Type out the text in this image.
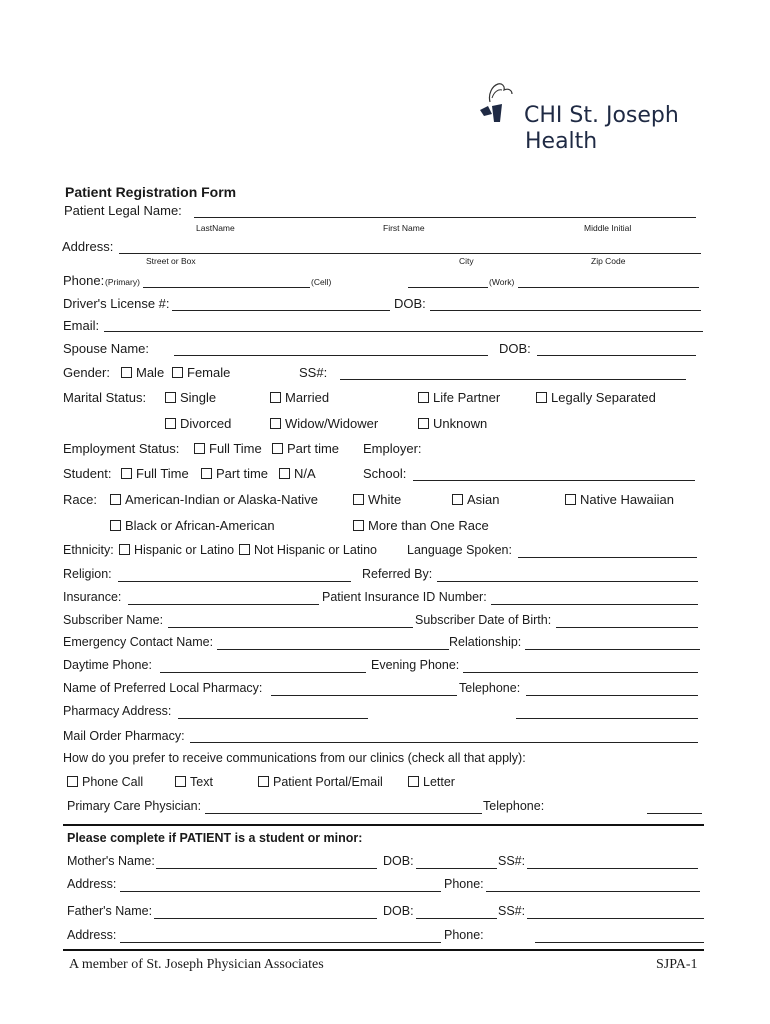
CHI St. Joseph
Health
Patient Registration Form
Patient Legal Name:
LastName	First Name	Middle Initial
Address:
Street or Box	City	Zip Code
Phone: (Primary)	(Cell)	(Work)
Driver's License #:	DOB:
Email:
Spouse Name:	DOB:
Gender:	Male	Female	SS#:
Marital Status:	Single	Married	Life Partner	Legally Separated
Divorced	Widow/Widower	Unknown
Employment Status:	Full Time	Part time Employer:
Student:	Full Time	Part time	N/A	School:
Race:	American-Indian or Alaska-Native	White	Asian	Native Hawaiian
Black or African-American	More than One Race
Ethnicity:	Hispanic or Latino	Not Hispanic or Latino Language Spoken:
Religion:	Referred By:
Insurance:	Patient Insurance ID Number:
Subscriber Name:	Subscriber Date of Birth:
Emergency Contact Name:	Relationship:
Daytime Phone:	Evening Phone:
Name of Preferred Local Pharmacy:	Telephone:
Pharmacy Address:
Mail Order Pharmacy:
How do you prefer to receive communications from our clinics (check all that apply):
Phone Call	Text	Patient Portal/Email	Letter
Primary Care Physician:	Telephone:
Please complete if PATIENT is a student or minor:
Mother's Name:	DOB:	SS#:
Address:	Phone:
Father's Name:	DOB:	SS#:
Address:	Phone:
A member of St. Joseph Physician Associates	SJPA-1
